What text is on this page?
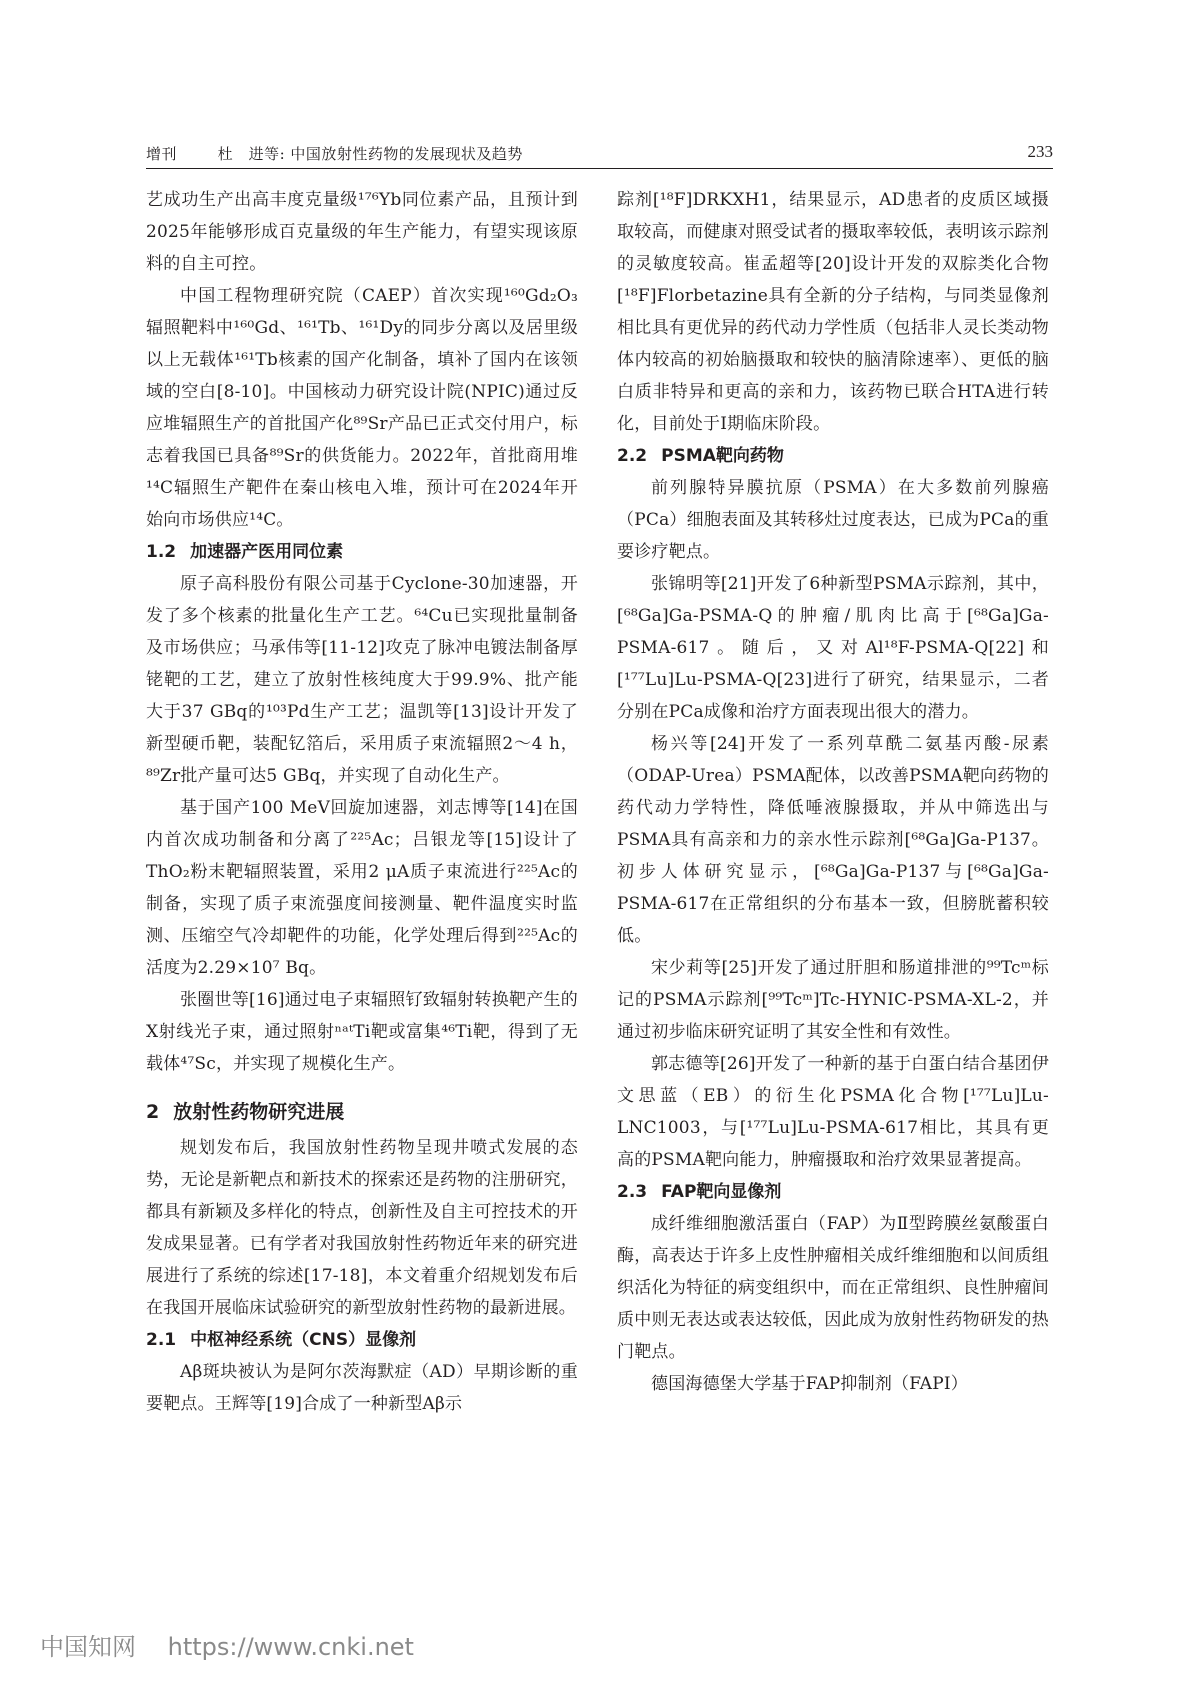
增刊	杜　进等: 中国放射性药物的发展现状及趋势	233

艺成功生产出高丰度克量级¹⁷⁶Yb同位素产品，且预计到2025年能够形成百克量级的年生产能力，有望实现该原料的自主可控。

中国工程物理研究院（CAEP）首次实现¹⁶⁰Gd₂O₃辐照靶料中¹⁶⁰Gd、¹⁶¹Tb、¹⁶¹Dy的同步分离以及居里级以上无载体¹⁶¹Tb核素的国产化制备，填补了国内在该领域的空白[8-10]。中国核动力研究设计院(NPIC)通过反应堆辐照生产的首批国产化⁸⁹Sr产品已正式交付用户，标志着我国已具备⁸⁹Sr的供货能力。2022年，首批商用堆¹⁴C辐照生产靶件在秦山核电入堆，预计可在2024年开始向市场供应¹⁴C。

1.2 加速器产医用同位素

原子高科股份有限公司基于Cyclone-30加速器，开发了多个核素的批量化生产工艺。⁶⁴Cu已实现批量制备及市场供应；马承伟等[11-12]攻克了脉冲电镀法制备厚铑靶的工艺，建立了放射性核纯度大于99.9%、批产能大于37 GBq的¹⁰³Pd生产工艺；温凯等[13]设计开发了新型硬币靶，装配钇箔后，采用质子束流辐照2～4 h，⁸⁹Zr批产量可达5 GBq，并实现了自动化生产。

基于国产100 MeV回旋加速器，刘志博等[14]在国内首次成功制备和分离了²²⁵Ac；吕银龙等[15]设计了ThO₂粉末靶辐照装置，采用2 μA质子束流进行²²⁵Ac的制备，实现了质子束流强度间接测量、靶件温度实时监测、压缩空气冷却靶件的功能，化学处理后得到²²⁵Ac的活度为2.29×10⁷ Bq。

张圈世等[16]通过电子束辐照钌致辐射转换靶产生的X射线光子束，通过照射ⁿᵃᵗTi靶或富集⁴⁶Ti靶，得到了无载体⁴⁷Sc，并实现了规模化生产。

2 放射性药物研究进展

规划发布后，我国放射性药物呈现井喷式发展的态势，无论是新靶点和新技术的探索还是药物的注册研究，都具有新颖及多样化的特点，创新性及自主可控技术的开发成果显著。已有学者对我国放射性药物近年来的研究进展进行了系统的综述[17-18]，本文着重介绍规划发布后在我国开展临床试验研究的新型放射性药物的最新进展。

2.1 中枢神经系统（CNS）显像剂

Aβ斑块被认为是阿尔茨海默症（AD）早期诊断的重要靶点。王辉等[19]合成了一种新型Aβ示

踪剂[¹⁸F]DRKXH1，结果显示，AD患者的皮质区域摄取较高，而健康对照受试者的摄取率较低，表明该示踪剂的灵敏度较高。崔孟超等[20]设计开发的双腙类化合物[¹⁸F]Florbetazine具有全新的分子结构，与同类显像剂相比具有更优异的药代动力学性质（包括非人灵长类动物体内较高的初始脑摄取和较快的脑清除速率）、更低的脑白质非特异和更高的亲和力，该药物已联合HTA进行转化，目前处于Ⅰ期临床阶段。

2.2 PSMA靶向药物

前列腺特异膜抗原（PSMA）在大多数前列腺癌（PCa）细胞表面及其转移灶过度表达，已成为PCa的重要诊疗靶点。

张锦明等[21]开发了6种新型PSMA示踪剂，其中，[⁶⁸Ga]Ga-PSMA-Q的肿瘤/肌肉比高于[⁶⁸Ga]Ga-PSMA-617。随后，又对Al¹⁸F-PSMA-Q[22]和[¹⁷⁷Lu]Lu-PSMA-Q[23]进行了研究，结果显示，二者分别在PCa成像和治疗方面表现出很大的潜力。

杨兴等[24]开发了一系列草酰二氨基丙酸-尿素（ODAP-Urea）PSMA配体，以改善PSMA靶向药物的药代动力学特性，降低唾液腺摄取，并从中筛选出与PSMA具有高亲和力的亲水性示踪剂[⁶⁸Ga]Ga-P137。初步人体研究显示，[⁶⁸Ga]Ga-P137与[⁶⁸Ga]Ga-PSMA-617在正常组织的分布基本一致，但膀胱蓄积较低。

宋少莉等[25]开发了通过肝胆和肠道排泄的⁹⁹Tcᵐ标记的PSMA示踪剂[⁹⁹Tcᵐ]Tc-HYNIC-PSMA-XL-2，并通过初步临床研究证明了其安全性和有效性。

郭志德等[26]开发了一种新的基于白蛋白结合基团伊文思蓝（EB）的衍生化PSMA化合物[¹⁷⁷Lu]Lu-LNC1003，与[¹⁷⁷Lu]Lu-PSMA-617相比，其具有更高的PSMA靶向能力，肿瘤摄取和治疗效果显著提高。

2.3 FAP靶向显像剂

成纤维细胞激活蛋白（FAP）为Ⅱ型跨膜丝氨酸蛋白酶，高表达于许多上皮性肿瘤相关成纤维细胞和以间质组织活化为特征的病变组织中，而在正常组织、良性肿瘤间质中则无表达或表达较低，因此成为放射性药物研发的热门靶点。

德国海德堡大学基于FAP抑制剂（FAPI）

中国知网 https://www.cnki.net
